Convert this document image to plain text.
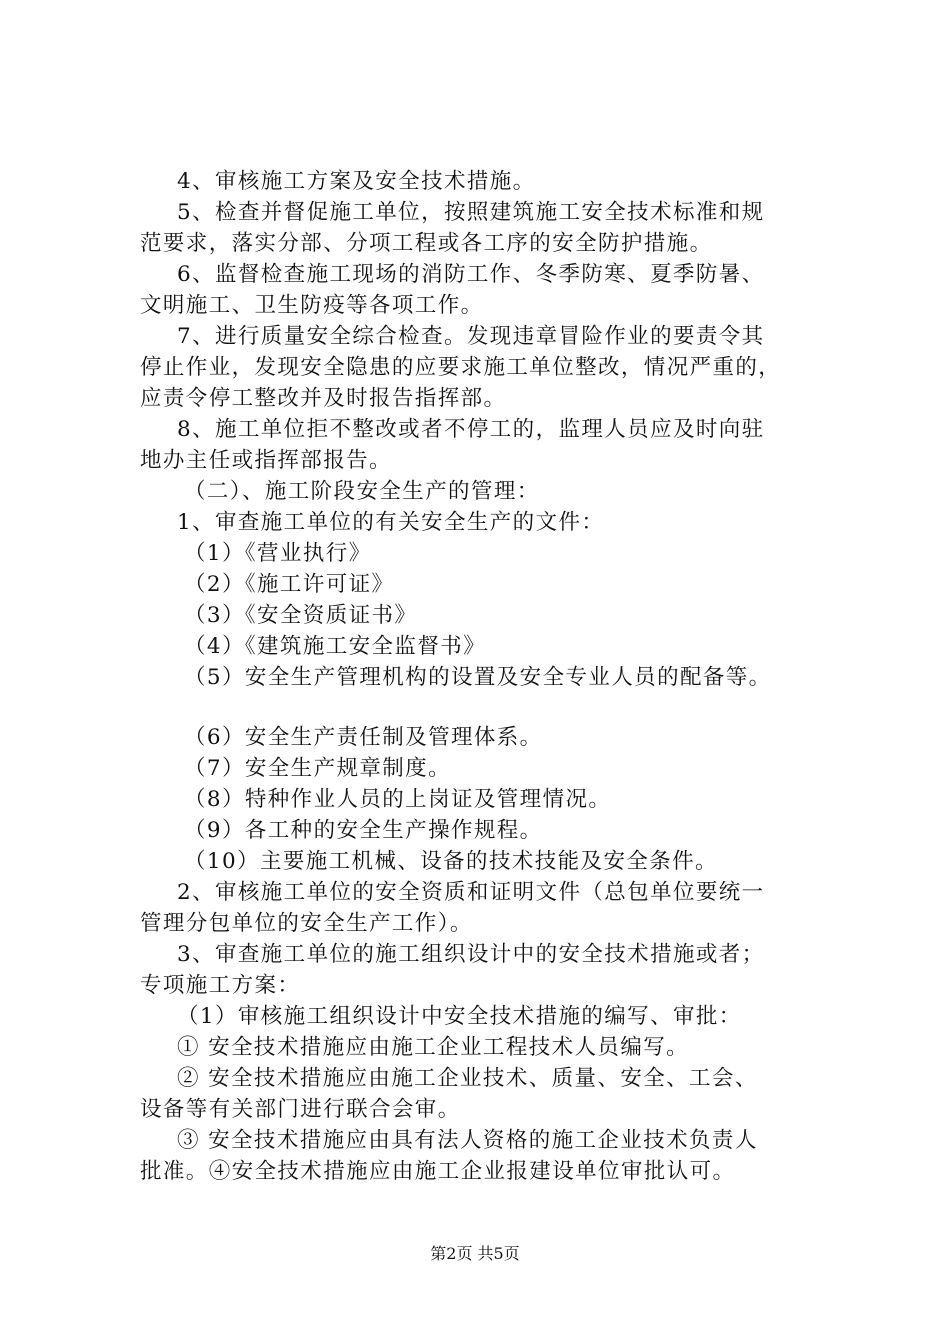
4、审核施工方案及安全技术措施。
5、检查并督促施工单位，按照建筑施工安全技术标准和规
范要求，落实分部、分项工程或各工序的安全防护措施。
6、监督检查施工现场的消防工作、冬季防寒、夏季防暑、
文明施工、卫生防疫等各项工作。
7、进行质量安全综合检查。发现违章冒险作业的要责令其
停止作业，发现安全隐患的应要求施工单位整改，情况严重的，
应责令停工整改并及时报告指挥部。
8、施工单位拒不整改或者不停工的，监理人员应及时向驻
地办主任或指挥部报告。
（二）、施工阶段安全生产的管理：
1、审查施工单位的有关安全生产的文件：
（1）《营业执行》
（2）《施工许可证》
（3）《安全资质证书》
（4）《建筑施工安全监督书》
（5）安全生产管理机构的设置及安全专业人员的配备等。
（6）安全生产责任制及管理体系。
（7）安全生产规章制度。
（8）特种作业人员的上岗证及管理情况。
（9）各工种的安全生产操作规程。
（10）主要施工机械、设备的技术技能及安全条件。
2、审核施工单位的安全资质和证明文件（总包单位要统一
管理分包单位的安全生产工作）。
3、审查施工单位的施工组织设计中的安全技术措施或者；
专项施工方案：
（1）审核施工组织设计中安全技术措施的编写、审批：
① 安全技术措施应由施工企业工程技术人员编写。
② 安全技术措施应由施工企业技术、质量、安全、工会、
设备等有关部门进行联合会审。
③ 安全技术措施应由具有法人资格的施工企业技术负责人
批准。④安全技术措施应由施工企业报建设单位审批认可。
第2页 共5页
